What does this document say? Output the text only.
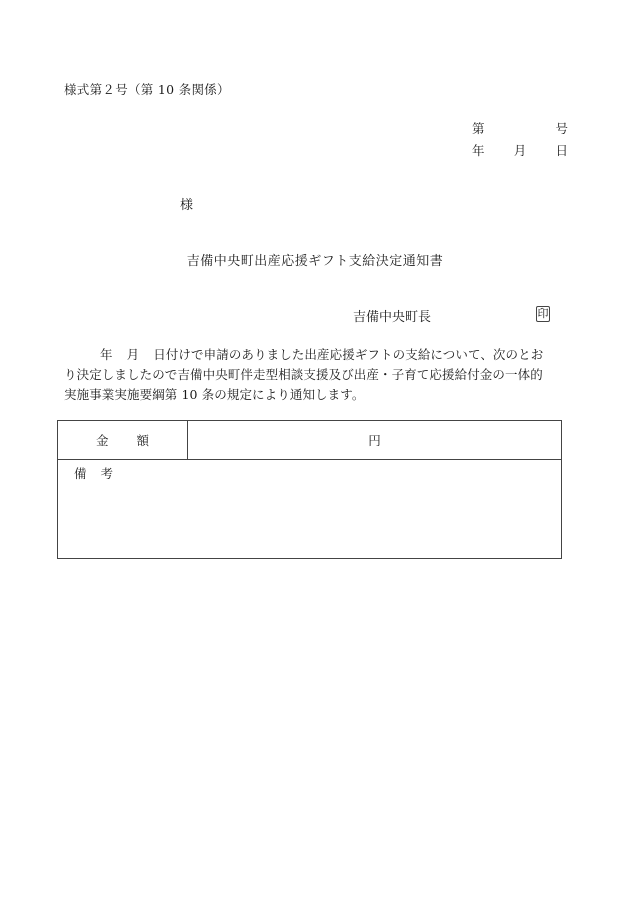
様式第２号（第 10 条関係）
第	号
年 月 日
様
吉備中央町出産応援ギフト支給決定通知書
吉備中央町長	印
年 月 日付けで申請のありました出産応援ギフトの支給について、次のとお
り決定しましたので吉備中央町伴走型相談支援及び出産・子育て応援給付金の一体的
実施事業実施要綱第 10 条の規定により通知します。
金 額	円
備 考
